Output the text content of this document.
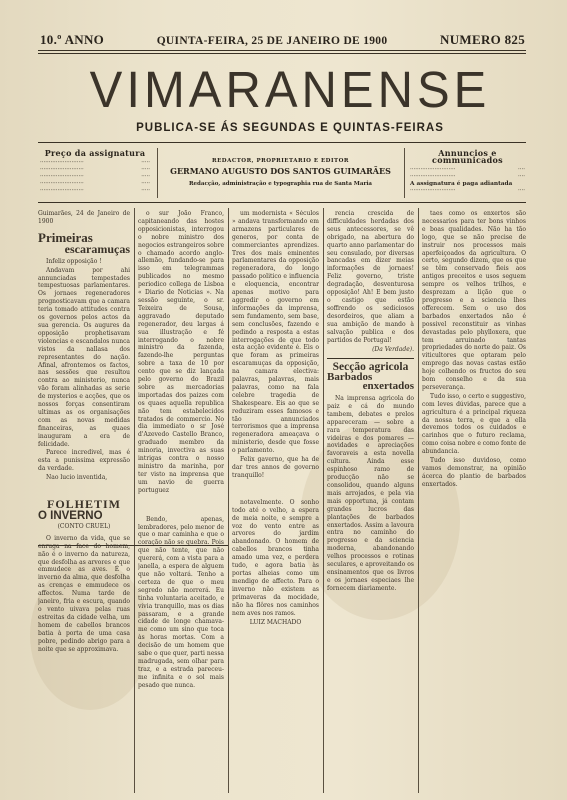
10.º ANNO	QUINTA-FEIRA, 25 DE JANEIRO DE 1900	NUMERO 825
VIMARANENSE
PUBLICA-SE ÁS SEGUNDAS E QUINTAS-FEIRAS
Preço da assignatura
·························	·····
·························	·····
·························	·····
·························	·····
·························	·····
REDACTOR, PROPRIETARIO E EDITOR
GERMANO AUGUSTO DOS SANTOS GUIMARÃES
Redacção, administração e typographia rua de Santa Maria
Annuncios e communicados
··························	····
··························	····
A assignatura é paga adiantada
··························	····
Guimarães, 24 de Janeiro de 1900
Primeiras
escaramuças

Infeliz opposição !

Andavam por ahi annunciadas tempestades tempestuosas parlamentares. Os jornaes regeneradores prognosticavam que a camara teria tomado attitudes contra os governos pelos actos da sua gerencia. Os augures da opposição prophetisavam violencias e escandalos nunca vistos da nallasa dos representantes do nação. Afinal, afrontemos os factos, nas sessões que resultou contra ao ministerio, nunca vão foram alinhadas as serie de mysterios e acções, que os nossos forças consentiram ultimas as os organisações com as novas medidas financeiras, as quaes inauguram a era de felicidade.

Parece incredivel, mas é esta a punissima expressão da verdade.

Nao lucio inventida,

FOLHETIM
O INVERNO
(CONTO CRUEL)

O inverno da vida, que se enruga na face do homem, não é o inverno da natureza, que desfolha as arvores e que emmudece as aves. É o inverno da alma, que desfolha as crenças e emmudece os affectos. Numa tarde de janeiro, fria e escura, quando o vento uivava pelas ruas estreitas da cidade velha, um homem de cabellos brancos batia à porta de uma casa pobre, pedindo abrigo para a noite que se approximava.

o sur João Franco, capitaneando das hostes opposicionistas, interrogou o nobre ministro dos negocios estrangeiros sobre o chamado acordo anglo-allemão, fundando-se para isso em telegrammas publicados no mesmo periodico collega de Lisboa « Diario de Noticias ». Na sessão seguinte, o sr. Teixeira de Sousa, aggravado deputado regenerador, deu largas á sua illustração e fé interrogando o nobre ministro da fazenda, fazendo-lhe perguntas sobre a taxa de 10 por cento que se diz lançada pelo governo do Brazil sobre as mercadorias importadas dos paizes com os quaes aquella republica não tem estabelecidos tratados de commercio. No dia immediato o sr José d'Azevedo Castello Branco, graduado membro da minoria, invectiva as suas intrigas contra o nosso ministro da marinha, por ter visto na imprensa que um navio de guerra portuguez

Bendo, apenas, lembradores, pelo menor de que o mar caminha e que o coração não se quebra. Pois que não tente, que não quererá, com a vista para a janella, a espera de alguem que não voltará. Tenho a certeza de que o meu segredo não morrerá. Eu tinha voluntaria aceitado, e vivia tranquillo, mas os dias passaram, e a grande cidade de longe chamava-me como um sino que toca às horas mortas. Com a decisão de um homem que sabe o que quer, parti nessa madrugada, sem olhar para traz, e a estrada pareceu-me infinita e o sol mais pesado que nunca.

um modernista « Séculos » andava transformando em armazens particulares de generos, por conta de commerciantes aprendizes. Tres dos mais eminentes parlamentares da opposição regeneradora, do longo passado politico e influencia e eloquencia, encontrar apenas motivo para aggredir o governo em informações da imprensa, sem fundamento, sem base, sem conclusões, fazendo e pedindo a resposta a estas interrogações de que todo esta acção evidente é. Eis o que foram as primeiras escaramuças da opposição, na camara electiva: palavras, palavras, mais palavras, como na fala celebre tragedia de Shakespeare. Eis ao que se reduziram esses famosos e tão annunciados terrorismos que a imprensa regeneradora ameaçava o ministerio, desde que fosse o parlamento.

Felix gaverno, que ha de dar tres annos de governo tranquillo!

notavelmente. O sonho todo até o velho, a espera de meia noite, e sempre a voz do vento entre as arvores do jardim abandonado. O homem de cabellos brancos tinha amado uma vez, e perdera tudo, e agora batia às portas alheias como um mendigo de affecto. Para o inverno não existem as primaveras da mocidade, não ha flôres nos caminhos nem aves nos ramos.

LUIZ MACHADO

rencia crescida de difficuldades herdadas dos seus antecessores, se vê obrigado, na abertura do quarto anno parlamentar do seu consulado, por diversas bancadas em dizer meias informações de jornaes! Feliz governo, triste degradação, desventurosa opposição! Ah! E bem justo o castigo que estão soffrendo os sediciosos desordeiros, que aliam a sua ambição de mando à salvação publica e dos partidos de Portugal!

(Da Verdade).
Secção agricola
Barbados
enxertados

Na imprensa agricola do paiz e cá do mundo tambem, debates e prelos appareceram — sobre a rara temperatura das videiras e dos pomares — novidades e apreciações favoraveis a esta novella cultura. Ainda esse espinhoso ramo de producção não se consolidou, quando alguns mais arrojados, e pela via mais opportuna, já contam grandes lucros das plantações de barbados enxertados. Assim a lavoura entra no caminho do progresso e da sciencia moderna, abandonando velhos processos e rotinas seculares, e aproveitando os ensinamentos que os livros e os jornaes especiaes lhe fornecem diariamente.

taes como os enxertos são necessarios para ter bons vinhos e boas qualidades. Não ha tão logo, que se não precise de instruir nos processos mais aperfeiçoados da agricultura. O certo, segundo dizem, que os que se têm conservado fieis aos antigos preceitos e usos seguem sempre os velhos trilhos, e desprezam a lição que o progresso e a sciencia lhes offerecem. Sem o uso dos barbados enxertados não é possivel reconstituir as vinhas devastadas pelo phylloxera, que tem arruinado tantas propriedades do norte do paiz. Os viticultores que optaram pelo emprego das novas castas estão hoje colhendo os fructos do seu bom conselho e da sua perseverança.

Tudo isso, o certo e suggestivo, com leves dúvidas, parece que a agricultura é a principal riqueza da nossa terra, e que a ella devemos todos os cuidados e carinhos que o futuro reclama, como coisa nobre e como fonte de abundancia.

Tudo isso duvidoso, como vamos demonstrar, na opinião ácerca do plantio de barbados enxertados.
